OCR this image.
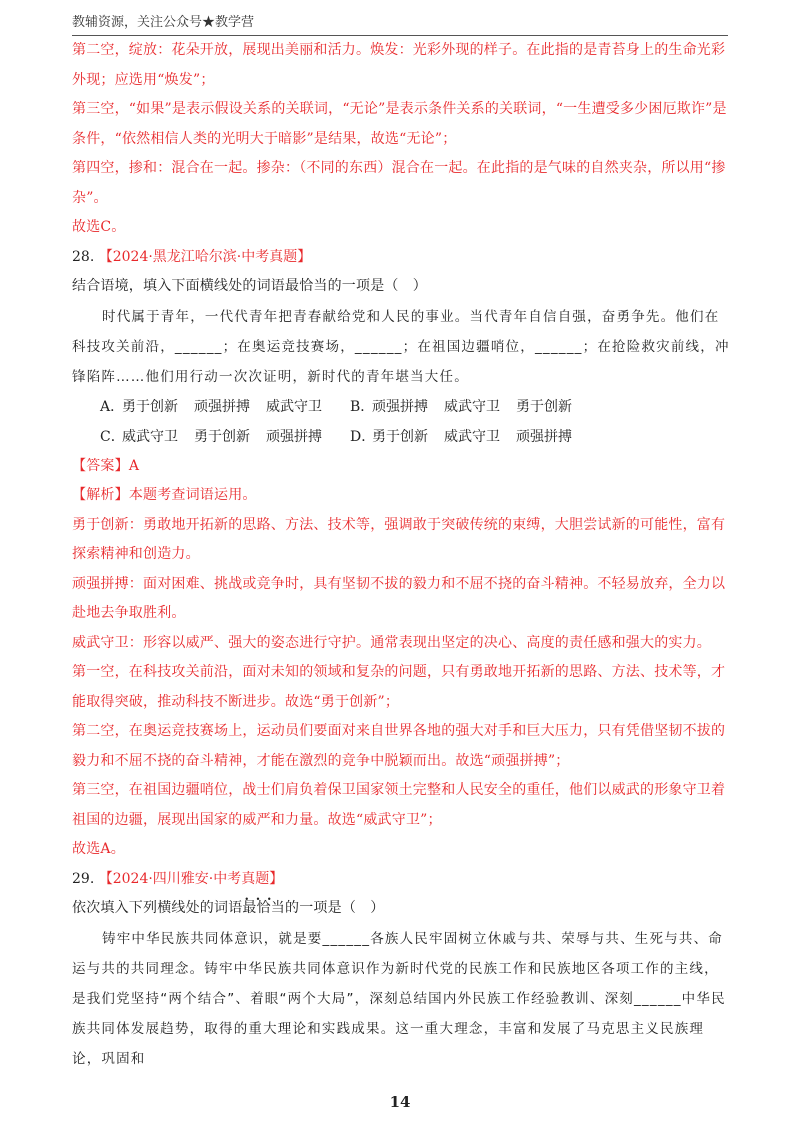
教辅资源，关注公众号★教学营

第二空，绽放：花朵开放，展现出美丽和活力。焕发：光彩外现的样子。在此指的是青苔身上的生命光彩外现；应选用“焕发”；

第三空，“如果”是表示假设关系的关联词，“无论”是表示条件关系的关联词，“一生遭受多少困厄欺诈”是条件，“依然相信人类的光明大于暗影”是结果，故选“无论”；

第四空，掺和：混合在一起。掺杂：（不同的东西）混合在一起。在此指的是气味的自然夹杂，所以用“掺杂”。

故选C。

28. 【2024·黑龙江哈尔滨·中考真题】

结合语境，填入下面横线处的词语最恰当的一项是（　）

时代属于青年，一代代青年把青春献给党和人民的事业。当代青年自信自强，奋勇争先。他们在科技攻关前沿，______；在奥运竞技赛场，______；在祖国边疆哨位，______；在抢险救灾前线，冲锋陷阵……他们用行动一次次证明，新时代的青年堪当大任。

A．
勇于创新 顽强拼搏 威武守卫	B．
顽强拼搏 威武守卫 勇于创新
C．
威武守卫 勇于创新 顽强拼搏	D．
勇于创新 威武守卫 顽强拼搏

【答案】A

【解析】本题考查词语运用。

勇于创新：勇敢地开拓新的思路、方法、技术等，强调敢于突破传统的束缚，大胆尝试新的可能性，富有探索精神和创造力。

顽强拼搏：面对困难、挑战或竞争时，具有坚韧不拔的毅力和不屈不挠的奋斗精神。不轻易放弃，全力以赴地去争取胜利。

威武守卫：形容以威严、强大的姿态进行守护。通常表现出坚定的决心、高度的责任感和强大的实力。

第一空，在科技攻关前沿，面对未知的领域和复杂的问题，只有勇敢地开拓新的思路、方法、技术等，才能取得突破，推动科技不断进步。故选“勇于创新”；

第二空，在奥运竞技赛场上，运动员们要面对来自世界各地的强大对手和巨大压力，只有凭借坚韧不拔的毅力和不屈不挠的奋斗精神，才能在激烈的竞争中脱颖而出。故选“顽强拼搏”；

第三空，在祖国边疆哨位，战士们肩负着保卫国家领土完整和人民安全的重任，他们以威武的形象守卫着祖国的边疆，展现出国家的威严和力量。故选“威武守卫”；

故选A。

29. 【2024·四川雅安·中考真题】

依次填入下列横线处的词语• • • 最恰当的一项是（　）

铸牢中华民族共同体意识，就是要______各族人民牢固树立休戚与共、荣辱与共、生死与共、命运与共的共同理念。铸牢中华民族共同体意识作为新时代党的民族工作和民族地区各项工作的主线，是我们党坚持“两个结合”、着眼“两个大局”，深刻总结国内外民族工作经验教训、深刻______中华民族共同体发展趋势，取得的重大理论和实践成果。这一重大理念，丰富和发展了马克思主义民族理论，巩固和

14
